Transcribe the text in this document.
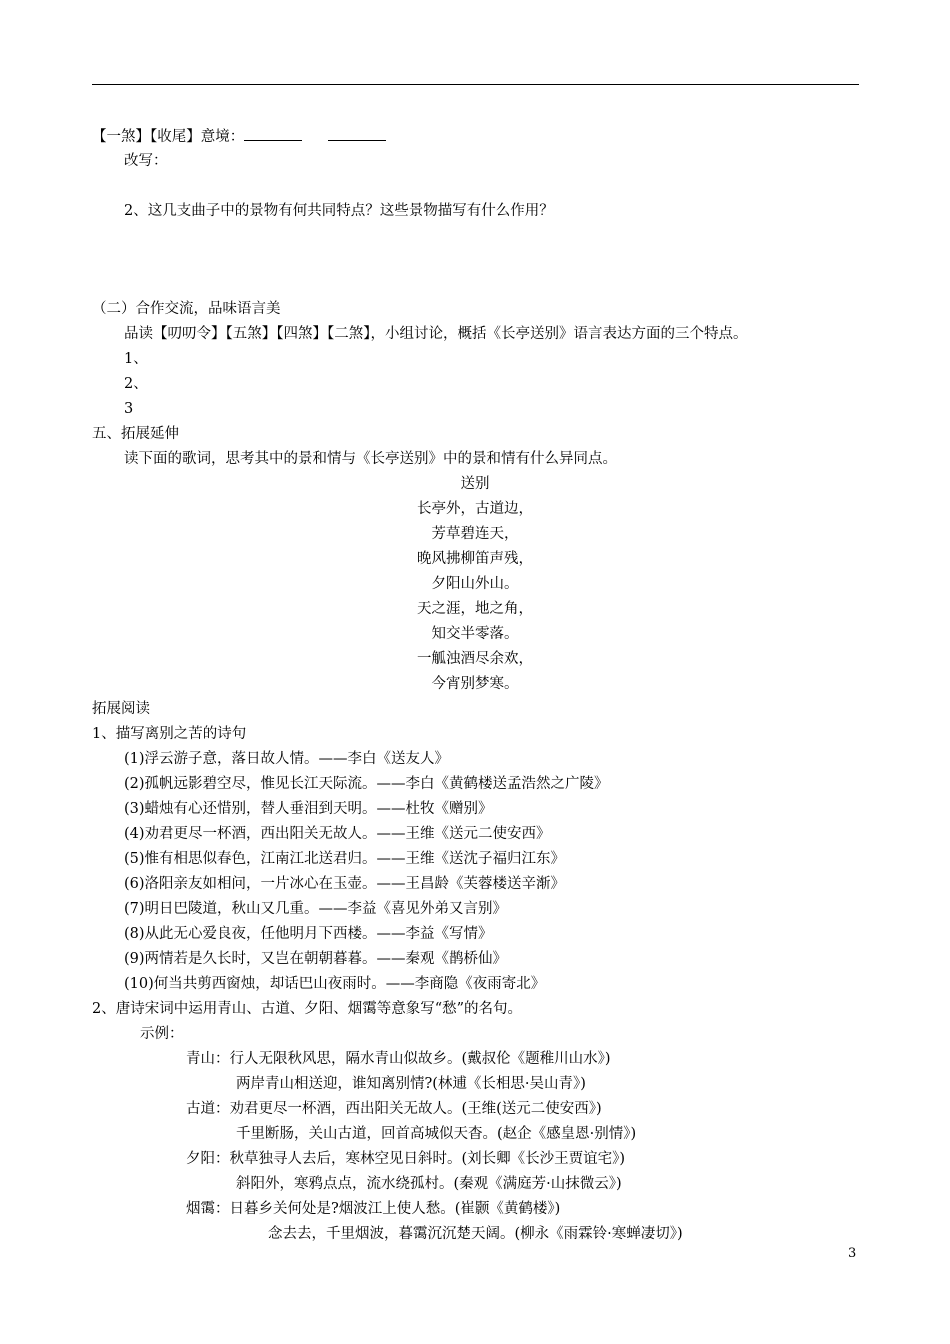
【一煞】【收尾】意境：
改写：
2、这几支曲子中的景物有何共同特点？这些景物描写有什么作用？
（二）合作交流，品味语言美
品读【叨叨令】【五煞】【四煞】【二煞】，小组讨论，概括《长亭送别》语言表达方面的三个特点。
1、
2、
3
五、拓展延伸
读下面的歌词，思考其中的景和情与《长亭送别》中的景和情有什么异同点。
送别
长亭外，古道边，
芳草碧连天，
晚风拂柳笛声残，
夕阳山外山。
天之涯，地之角，
知交半零落。
一觚浊酒尽余欢，
今宵别梦寒。
拓展阅读
1、描写离别之苦的诗句
(1)浮云游子意，落日故人情。——李白《送友人》
(2)孤帆远影碧空尽，惟见长江天际流。——李白《黄鹤楼送孟浩然之广陵》
(3)蜡烛有心还惜别，替人垂泪到天明。——杜牧《赠别》
(4)劝君更尽一杯酒，西出阳关无故人。——王维《送元二使安西》
(5)惟有相思似春色，江南江北送君归。——王维《送沈子福归江东》
(6)洛阳亲友如相问，一片冰心在玉壶。——王昌龄《芙蓉楼送辛渐》
(7)明日巴陵道，秋山又几重。——李益《喜见外弟又言别》
(8)从此无心爱良夜，任他明月下西楼。——李益《写情》
(9)两情若是久长时，又岂在朝朝暮暮。——秦观《鹊桥仙》
(10)何当共剪西窗烛，却话巴山夜雨时。——李商隐《夜雨寄北》
2、唐诗宋词中运用青山、古道、夕阳、烟霭等意象写“愁”的名句。
示例：
青山：行人无限秋风思，隔水青山似故乡。(戴叔伦《题稚川山水》)
两岸青山相送迎，谁知离别情?(林逋《长相思·吴山青》)
古道：劝君更尽一杯酒，西出阳关无故人。(王维(送元二使安西》)
千里断肠，关山古道，回首高城似天杳。(赵企《感皇恩·别情》)
夕阳：秋草独寻人去后，寒林空见日斜时。(刘长卿《长沙王贾谊宅》)
斜阳外，寒鸦点点，流水绕孤村。(秦观《满庭芳·山抹微云》)
烟霭：日暮乡关何处是?烟波江上使人愁。(崔颢《黄鹤楼》)
念去去，千里烟波，暮霭沉沉楚天阔。(柳永《雨霖铃·寒蝉凄切》)
3
